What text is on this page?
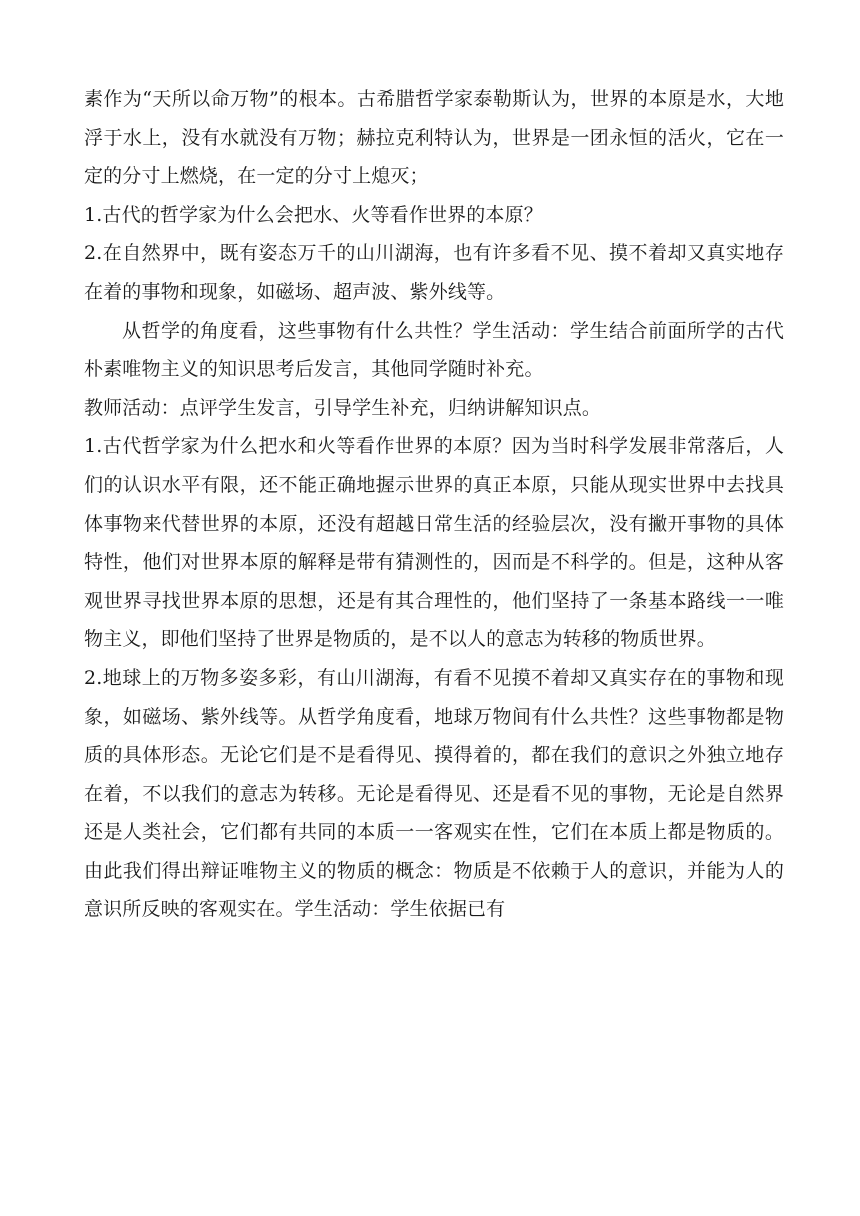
素作为“天所以命万物”的根本。古希腊哲学家泰勒斯认为，世界的本原是水，大地浮于水上，没有水就没有万物；赫拉克利特认为，世界是一团永恒的活火，它在一定的分寸上燃烧，在一定的分寸上熄灭；

1.古代的哲学家为什么会把水、火等看作世界的本原？

2.在自然界中，既有姿态万千的山川湖海，也有许多看不见、摸不着却又真实地存在着的事物和现象，如磁场、超声波、紫外线等。

从哲学的角度看，这些事物有什么共性？学生活动：学生结合前面所学的古代朴素唯物主义的知识思考后发言，其他同学随时补充。

教师活动：点评学生发言，引导学生补充，归纳讲解知识点。

1.古代哲学家为什么把水和火等看作世界的本原？因为当时科学发展非常落后，人们的认识水平有限，还不能正确地握示世界的真正本原，只能从现实世界中去找具体事物来代替世界的本原，还没有超越日常生活的经验层次，没有撇开事物的具体特性，他们对世界本原的解释是带有猜测性的，因而是不科学的。但是，这种从客观世界寻找世界本原的思想，还是有其合理性的，他们坚持了一条基本路线一一唯物主义，即他们坚持了世界是物质的，是不以人的意志为转移的物质世界。

2.地球上的万物多姿多彩，有山川湖海，有看不见摸不着却又真实存在的事物和现象，如磁场、紫外线等。从哲学角度看，地球万物间有什么共性？这些事物都是物质的具体形态。无论它们是不是看得见、摸得着的，都在我们的意识之外独立地存在着，不以我们的意志为转移。无论是看得见、还是看不见的事物，无论是自然界还是人类社会，它们都有共同的本质一一客观实在性，它们在本质上都是物质的。由此我们得出辩证唯物主义的物质的概念：物质是不依赖于人的意识，并能为人的意识所反映的客观实在。学生活动：学生依据已有
